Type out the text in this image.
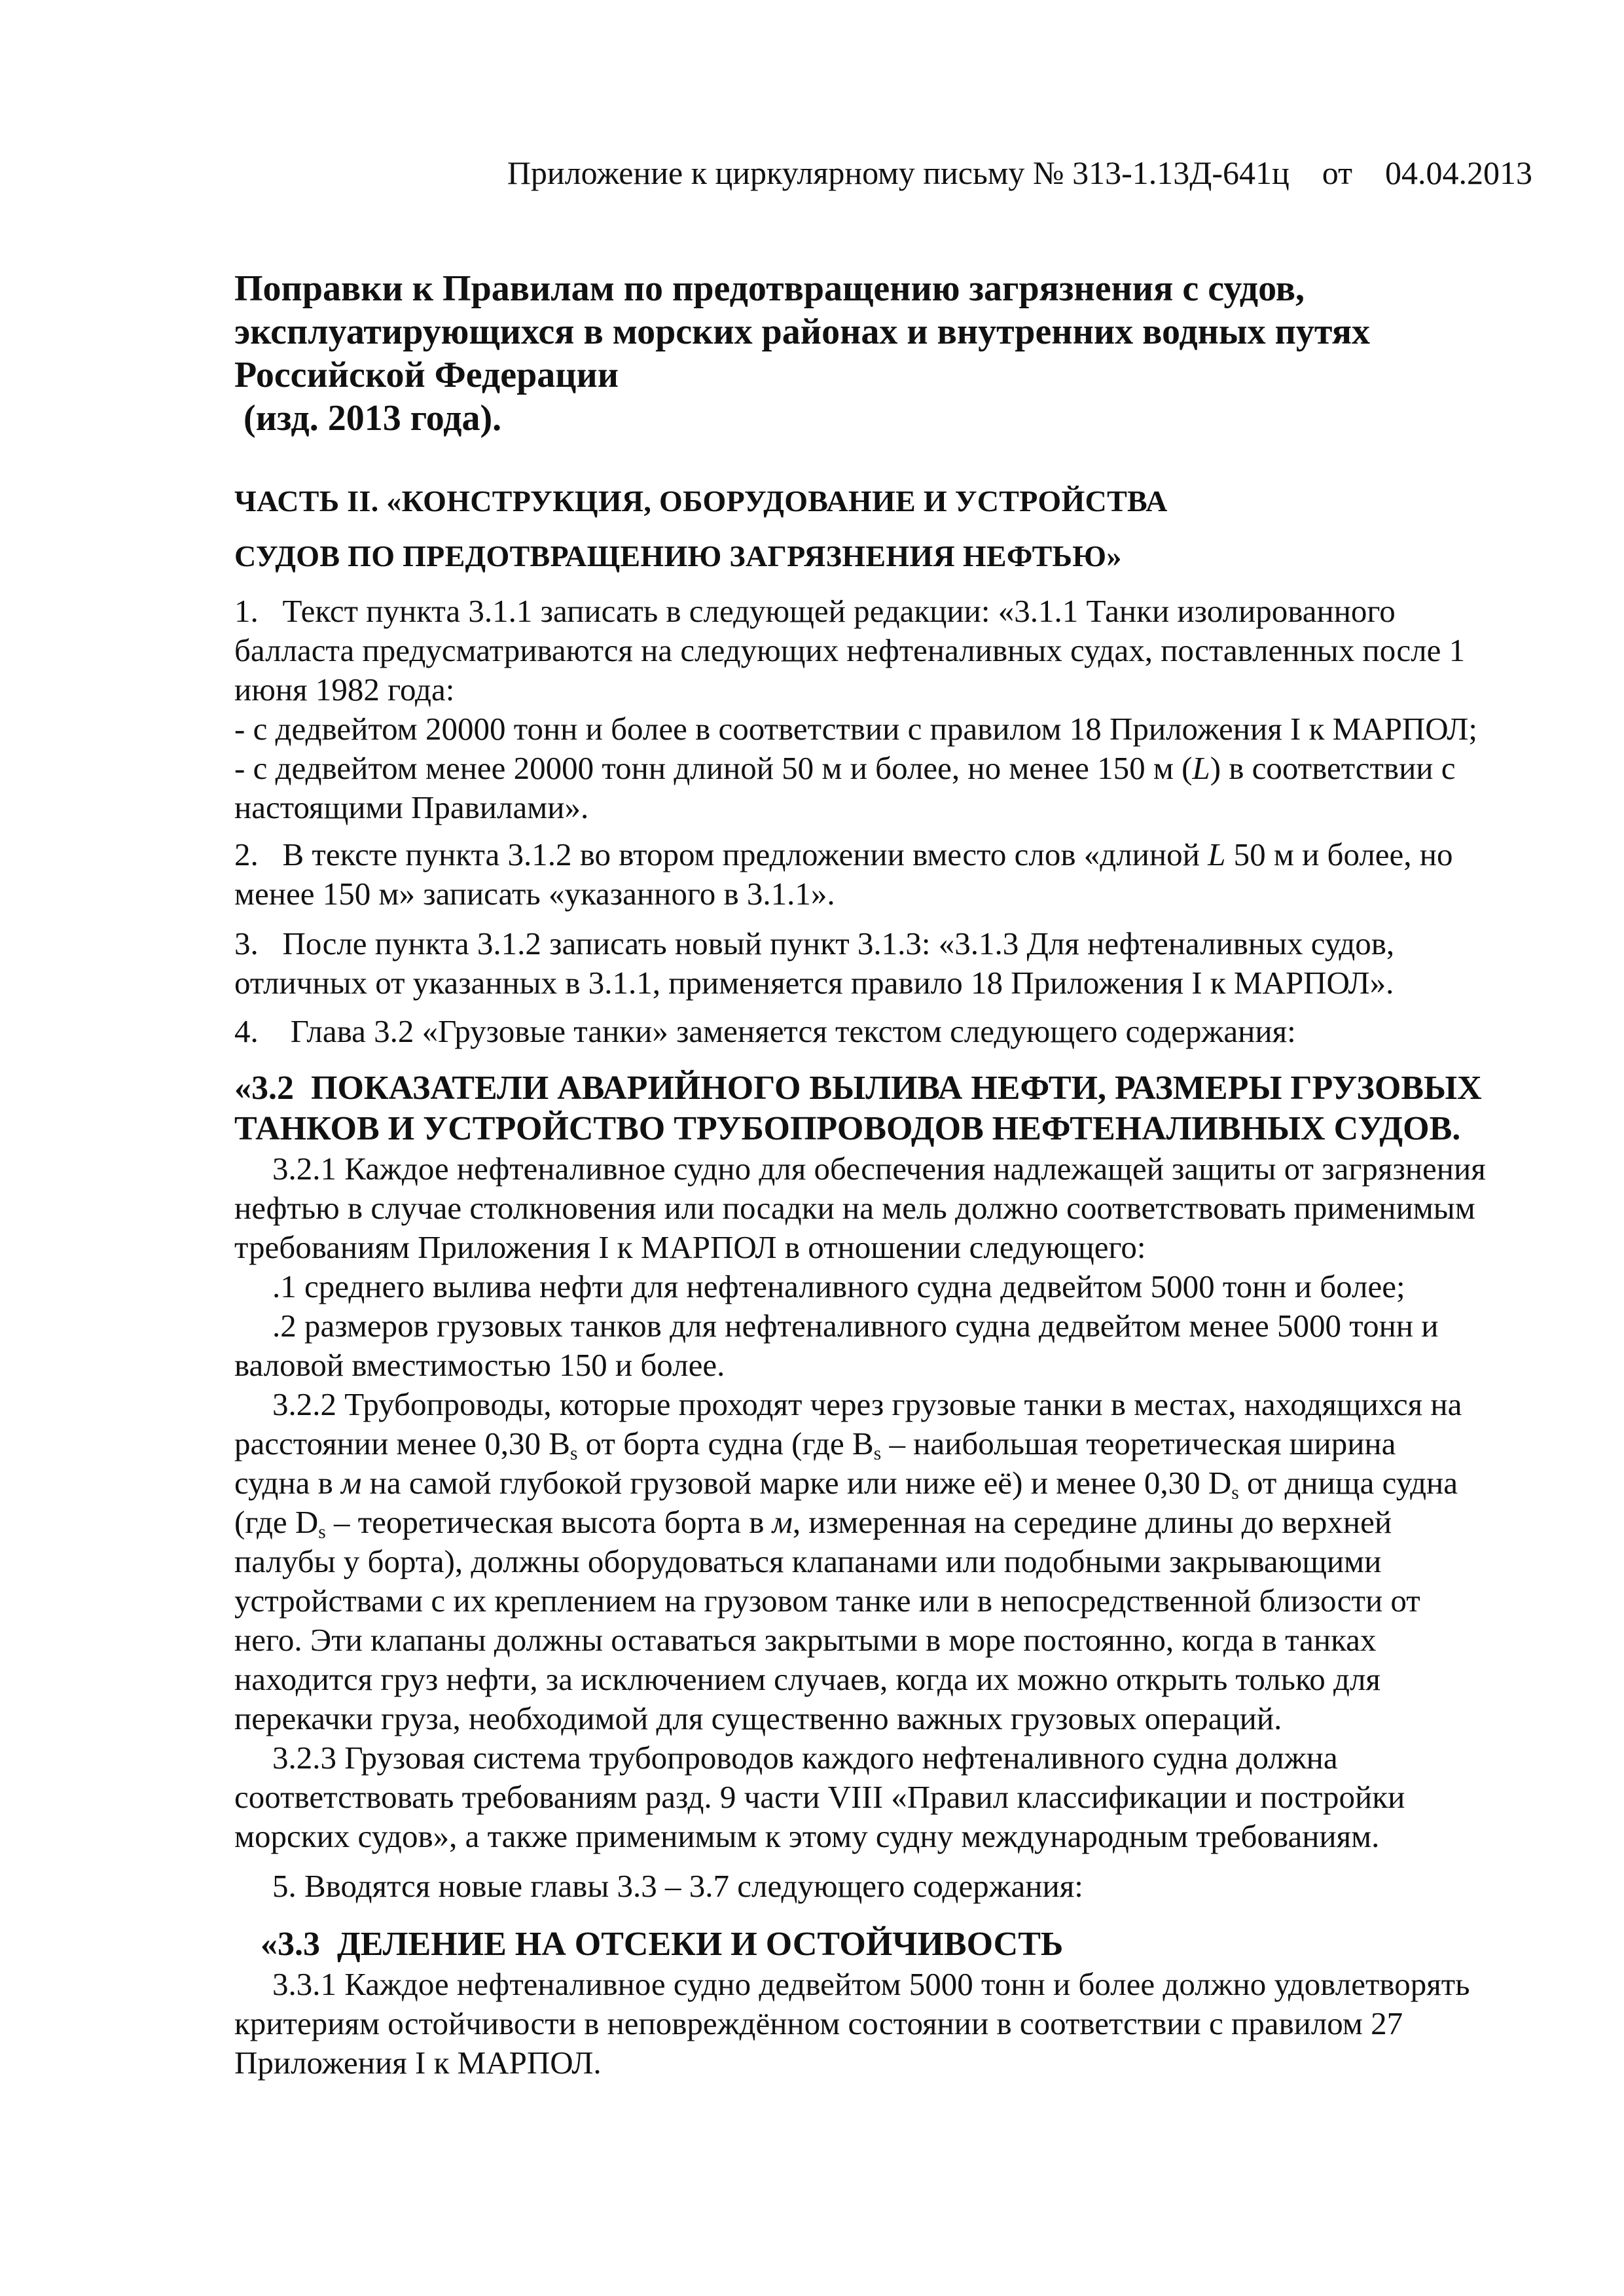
Приложение к циркулярному письму № 313-1.13Д-641ц    от    04.04.2013
Поправки к Правилам по предотвращению загрязнения с судов,
эксплуатирующихся в морских районах и внутренних водных путях
Российской Федерации
(изд. 2013 года).
ЧАСТЬ II. «КОНСТРУКЦИЯ, ОБОРУДОВАНИЕ И УСТРОЙСТВА
СУДОВ ПО ПРЕДОТВРАЩЕНИЮ ЗАГРЯЗНЕНИЯ НЕФТЬЮ»
1.   Текст пункта 3.1.1 записать в следующей редакции: «3.1.1 Танки изолированного
балласта предусматриваются на следующих нефтеналивных судах, поставленных после 1
июня 1982 года:
- с дедвейтом 20000 тонн и более в соответствии с правилом 18 Приложения I к МАРПОЛ;
- с дедвейтом менее 20000 тонн длиной 50 м и более, но менее 150 м (L) в соответствии с
настоящими Правилами».
2.   В тексте пункта 3.1.2 во втором предложении вместо слов «длиной L 50 м и более, но
менее 150 м» записать «указанного в 3.1.1».
3.   После пункта 3.1.2 записать новый пункт 3.1.3: «3.1.3 Для нефтеналивных судов,
отличных от указанных в 3.1.1, применяется правило 18 Приложения I к МАРПОЛ».
4.    Глава 3.2 «Грузовые танки» заменяется текстом следующего содержания:
«3.2  ПОКАЗАТЕЛИ АВАРИЙНОГО ВЫЛИВА НЕФТИ, РАЗМЕРЫ ГРУЗОВЫХ
ТАНКОВ И УСТРОЙСТВО ТРУБОПРОВОДОВ НЕФТЕНАЛИВНЫХ СУДОВ.
3.2.1 Каждое нефтеналивное судно для обеспечения надлежащей защиты от загрязнения
нефтью в случае столкновения или посадки на мель должно соответствовать применимым
требованиям Приложения I к МАРПОЛ в отношении следующего:
.1 среднего вылива нефти для нефтеналивного судна дедвейтом 5000 тонн и более;
.2 размеров грузовых танков для нефтеналивного судна дедвейтом менее 5000 тонн и
валовой вместимостью 150 и более.
3.2.2 Трубопроводы, которые проходят через грузовые танки в местах, находящихся на
расстоянии менее 0,30 $B_s$ от борта судна (где $B_s$ – наибольшая теоретическая ширина
судна в м на самой глубокой грузовой марке или ниже её) и менее 0,30 $D_s$ от днища судна
(где $D_s$ – теоретическая высота борта в м, измеренная на середине длины до верхней
палубы у борта), должны оборудоваться клапанами или подобными закрывающими
устройствами с их креплением на грузовом танке или в непосредственной близости от
него. Эти клапаны должны оставаться закрытыми в море постоянно, когда в танках
находится груз нефти, за исключением случаев, когда их можно открыть только для
перекачки груза, необходимой для существенно важных грузовых операций.
3.2.3 Грузовая система трубопроводов каждого нефтеналивного судна должна
соответствовать требованиям разд. 9 части VIII «Правил классификации и постройки
морских судов», а также применимым к этому судну международным требованиям.
5. Вводятся новые главы 3.3 – 3.7 следующего содержания:
«3.3  ДЕЛЕНИЕ НА ОТСЕКИ И ОСТОЙЧИВОСТЬ
3.3.1 Каждое нефтеналивное судно дедвейтом 5000 тонн и более должно удовлетворять
критериям остойчивости в неповреждённом состоянии в соответствии с правилом 27
Приложения I к МАРПОЛ.
